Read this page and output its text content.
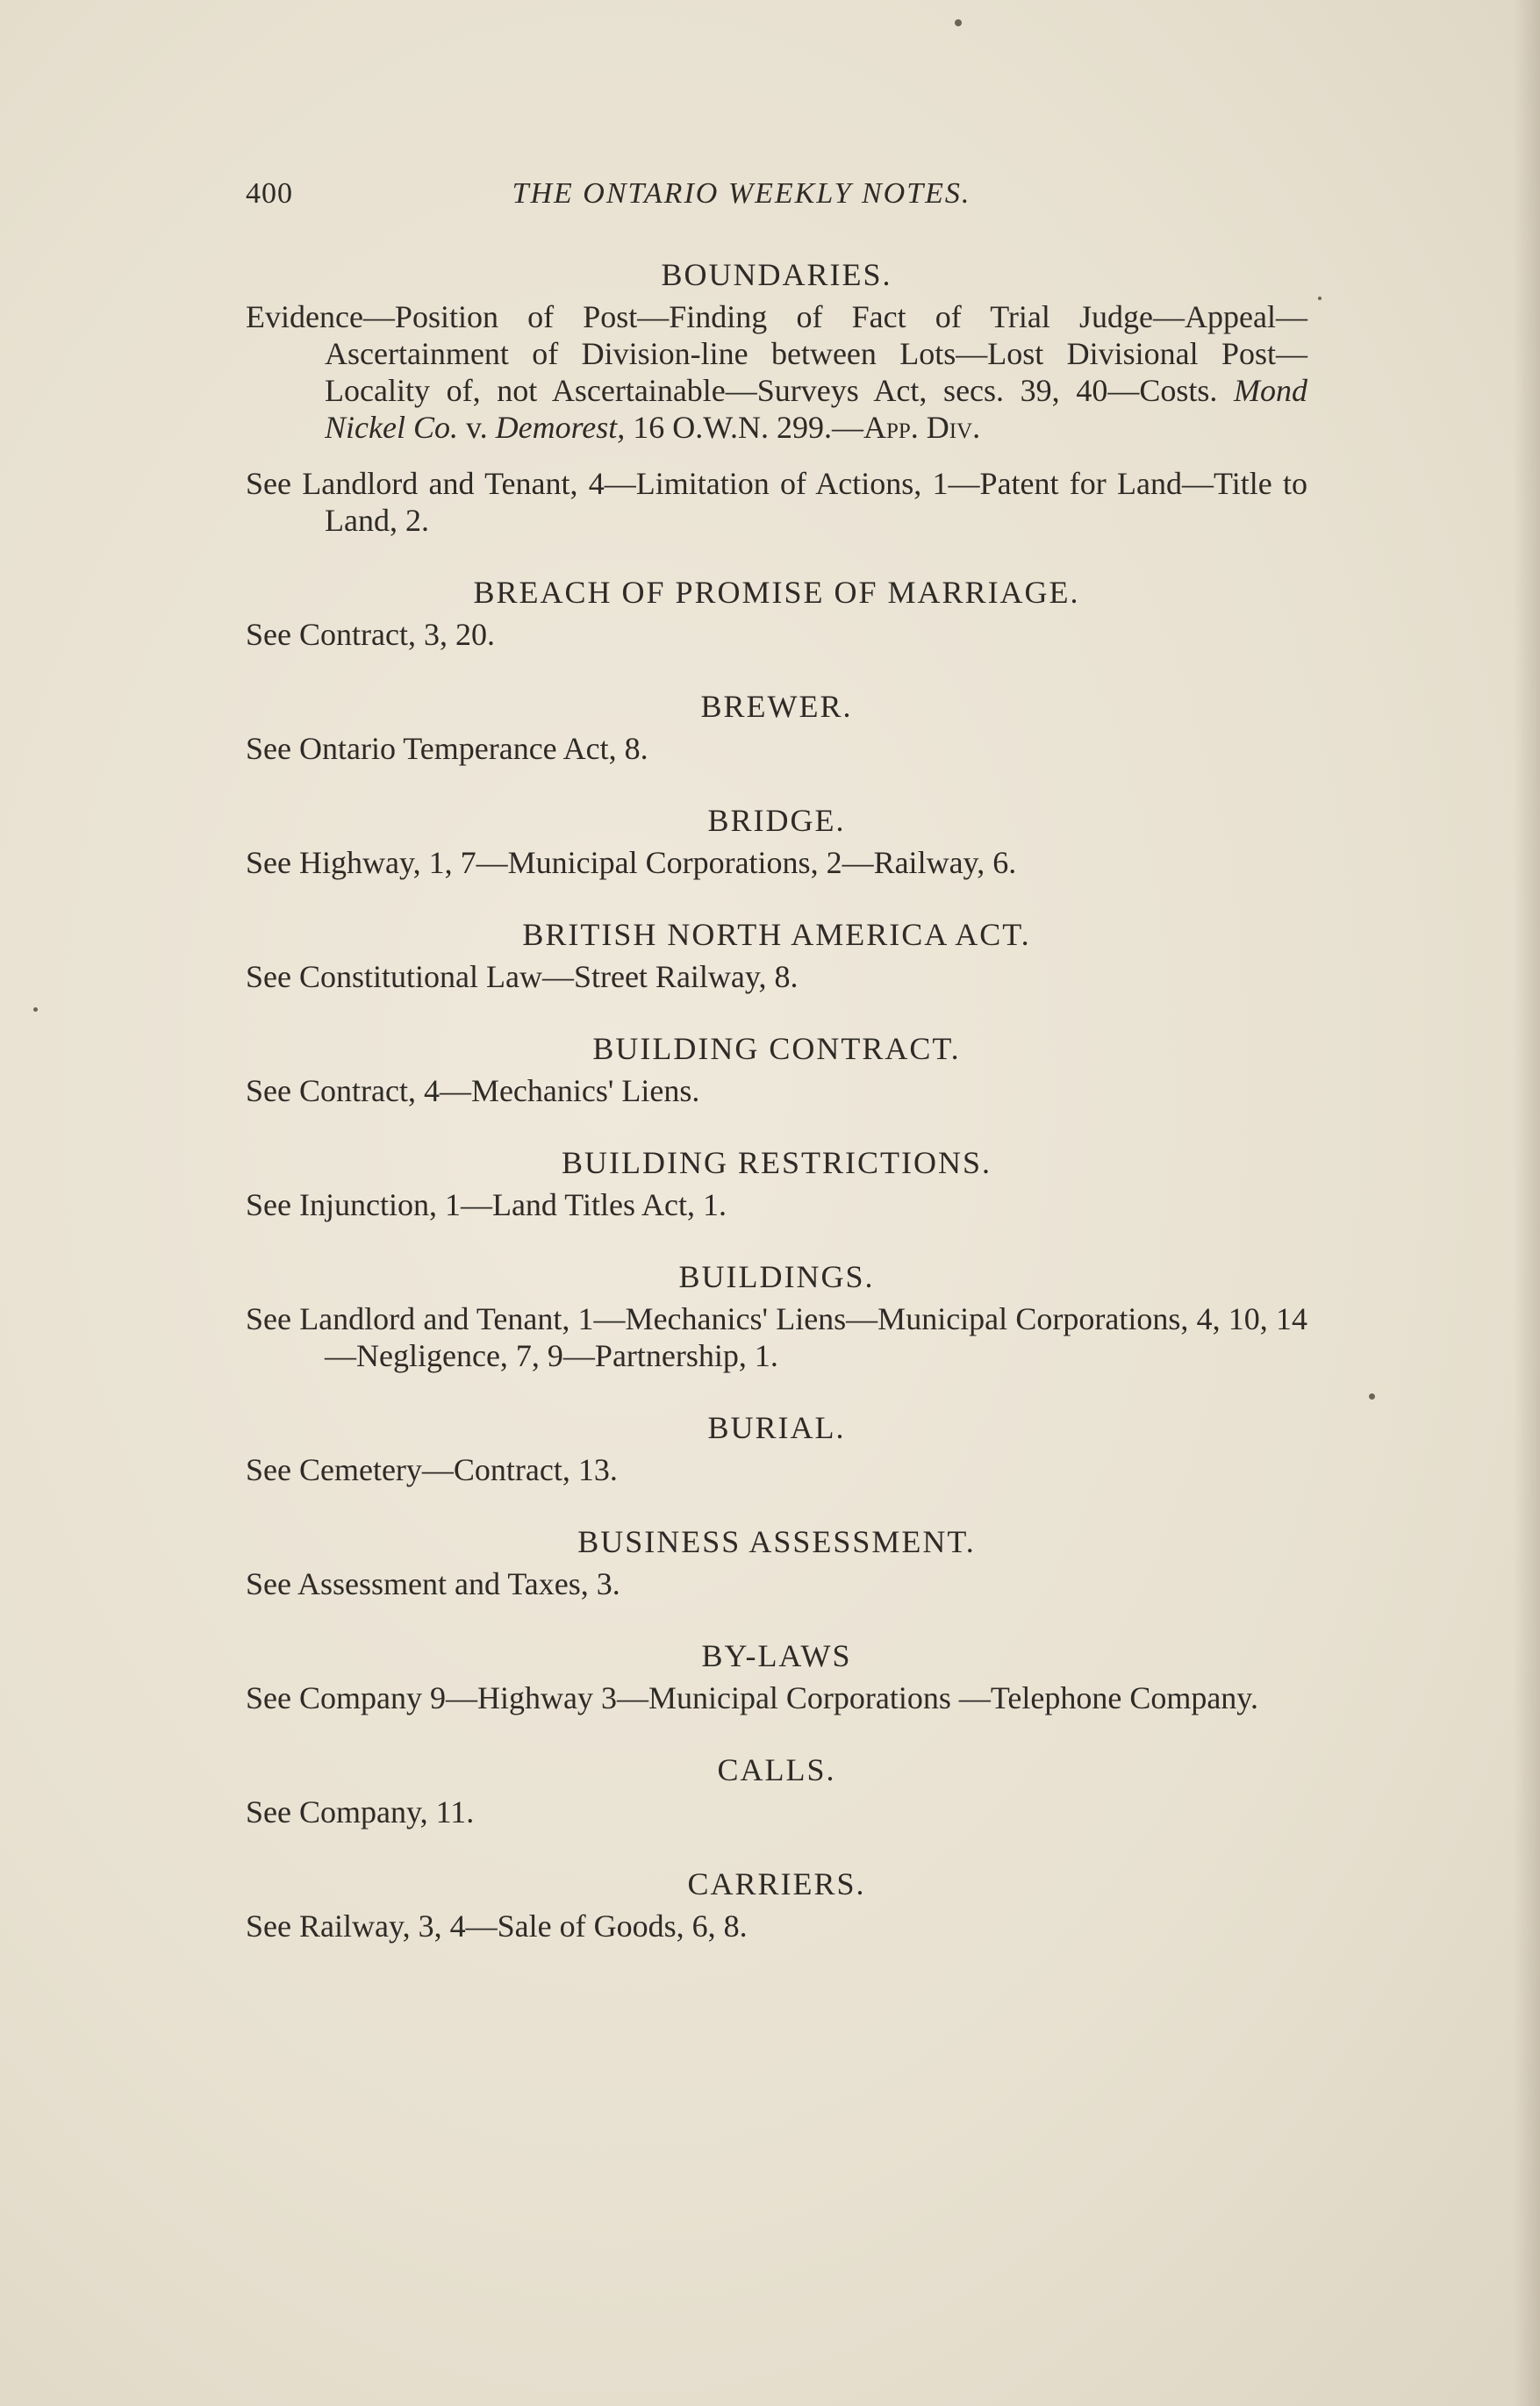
400	THE ONTARIO WEEKLY NOTES.
BOUNDARIES.
Evidence—Position of Post—Finding of Fact of Trial Judge—Appeal—Ascertainment of Division-line between Lots—Lost Divisional Post—Locality of, not Ascertainable—Surveys Act, secs. 39, 40—Costs. Mond Nickel Co. v. Demorest, 16 O.W.N. 299.—App. Div.
See Landlord and Tenant, 4—Limitation of Actions, 1—Patent for Land—Title to Land, 2.
BREACH OF PROMISE OF MARRIAGE.
See Contract, 3, 20.
BREWER.
See Ontario Temperance Act, 8.
BRIDGE.
See Highway, 1, 7—Municipal Corporations, 2—Railway, 6.
BRITISH NORTH AMERICA ACT.
See Constitutional Law—Street Railway, 8.
BUILDING CONTRACT.
See Contract, 4—Mechanics' Liens.
BUILDING RESTRICTIONS.
See Injunction, 1—Land Titles Act, 1.
BUILDINGS.
See Landlord and Tenant, 1—Mechanics' Liens—Municipal Corporations, 4, 10, 14—Negligence, 7, 9—Partnership, 1.
BURIAL.
See Cemetery—Contract, 13.
BUSINESS ASSESSMENT.
See Assessment and Taxes, 3.
BY-LAWS
See Company 9—Highway 3—Municipal Corporations —Telephone Company.
CALLS.
See Company, 11.
CARRIERS.
See Railway, 3, 4—Sale of Goods, 6, 8.
